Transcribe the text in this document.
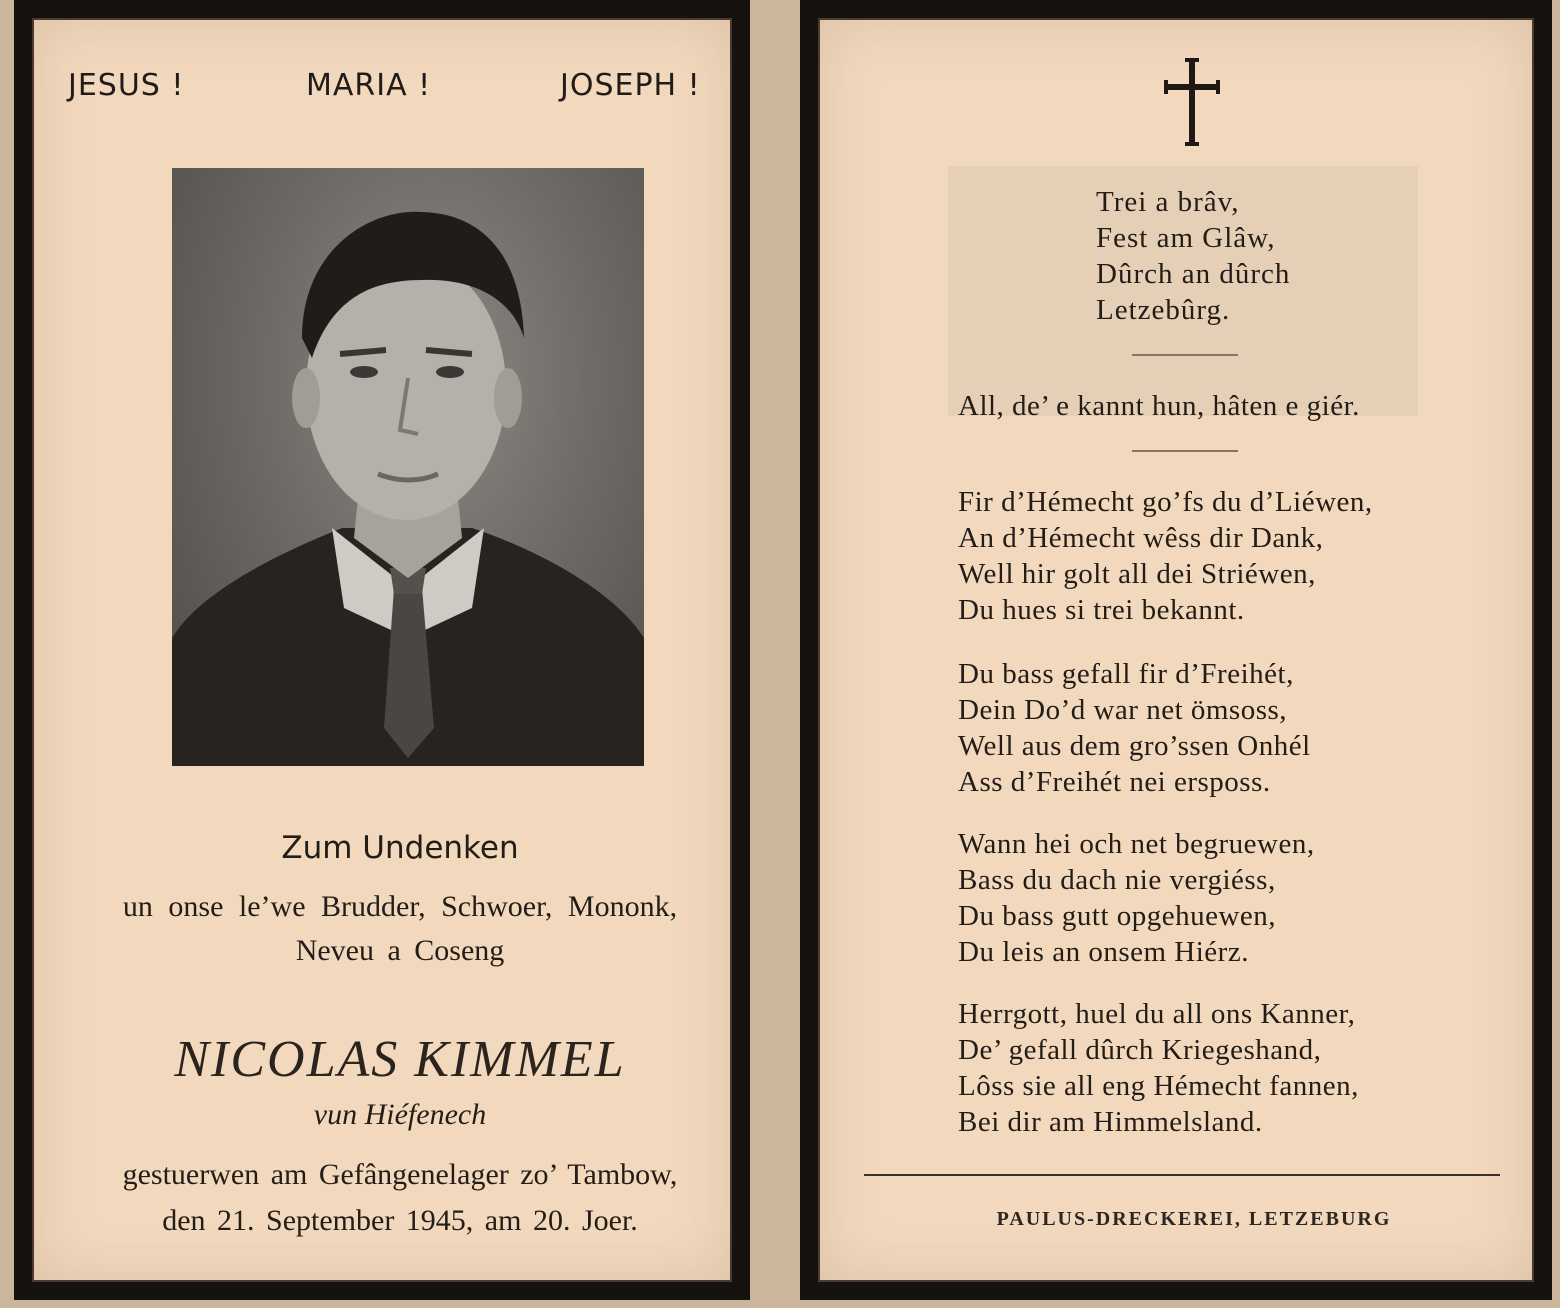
JESUS !	MARIA !	JOSEPH !
Zum Undenken
un onse le’we Brudder, Schwoer, Mononk,
Neveu a Coseng
NICOLAS KIMMEL
vun Hiéfenech
gestuerwen am Gefângenelager zo’ Tambow,
den 21. September 1945, am 20. Joer.
Trei a brâv,
Fest am Glâw,
Dûrch an dûrch
Letzebûrg.
All, de’ e kannt hun, hâten e giér.
Fir d’Hémecht go’fs du d’Liéwen,
An d’Hémecht wêss dir Dank,
Well hir golt all dei Striéwen,
Du hues si trei bekannt.
Du bass gefall fir d’Freihét,
Dein Do’d war net ömsoss,
Well aus dem gro’ssen Onhél
Ass d’Freihét nei ersposs.
Wann hei och net begruewen,
Bass du dach nie vergiéss,
Du bass gutt opgehuewen,
Du leis an onsem Hiérz.
Herrgott, huel du all ons Kanner,
De’ gefall dûrch Kriegeshand,
Lôss sie all eng Hémecht fannen,
Bei dir am Himmelsland.
PAULUS-DRECKEREI, LETZEBURG
